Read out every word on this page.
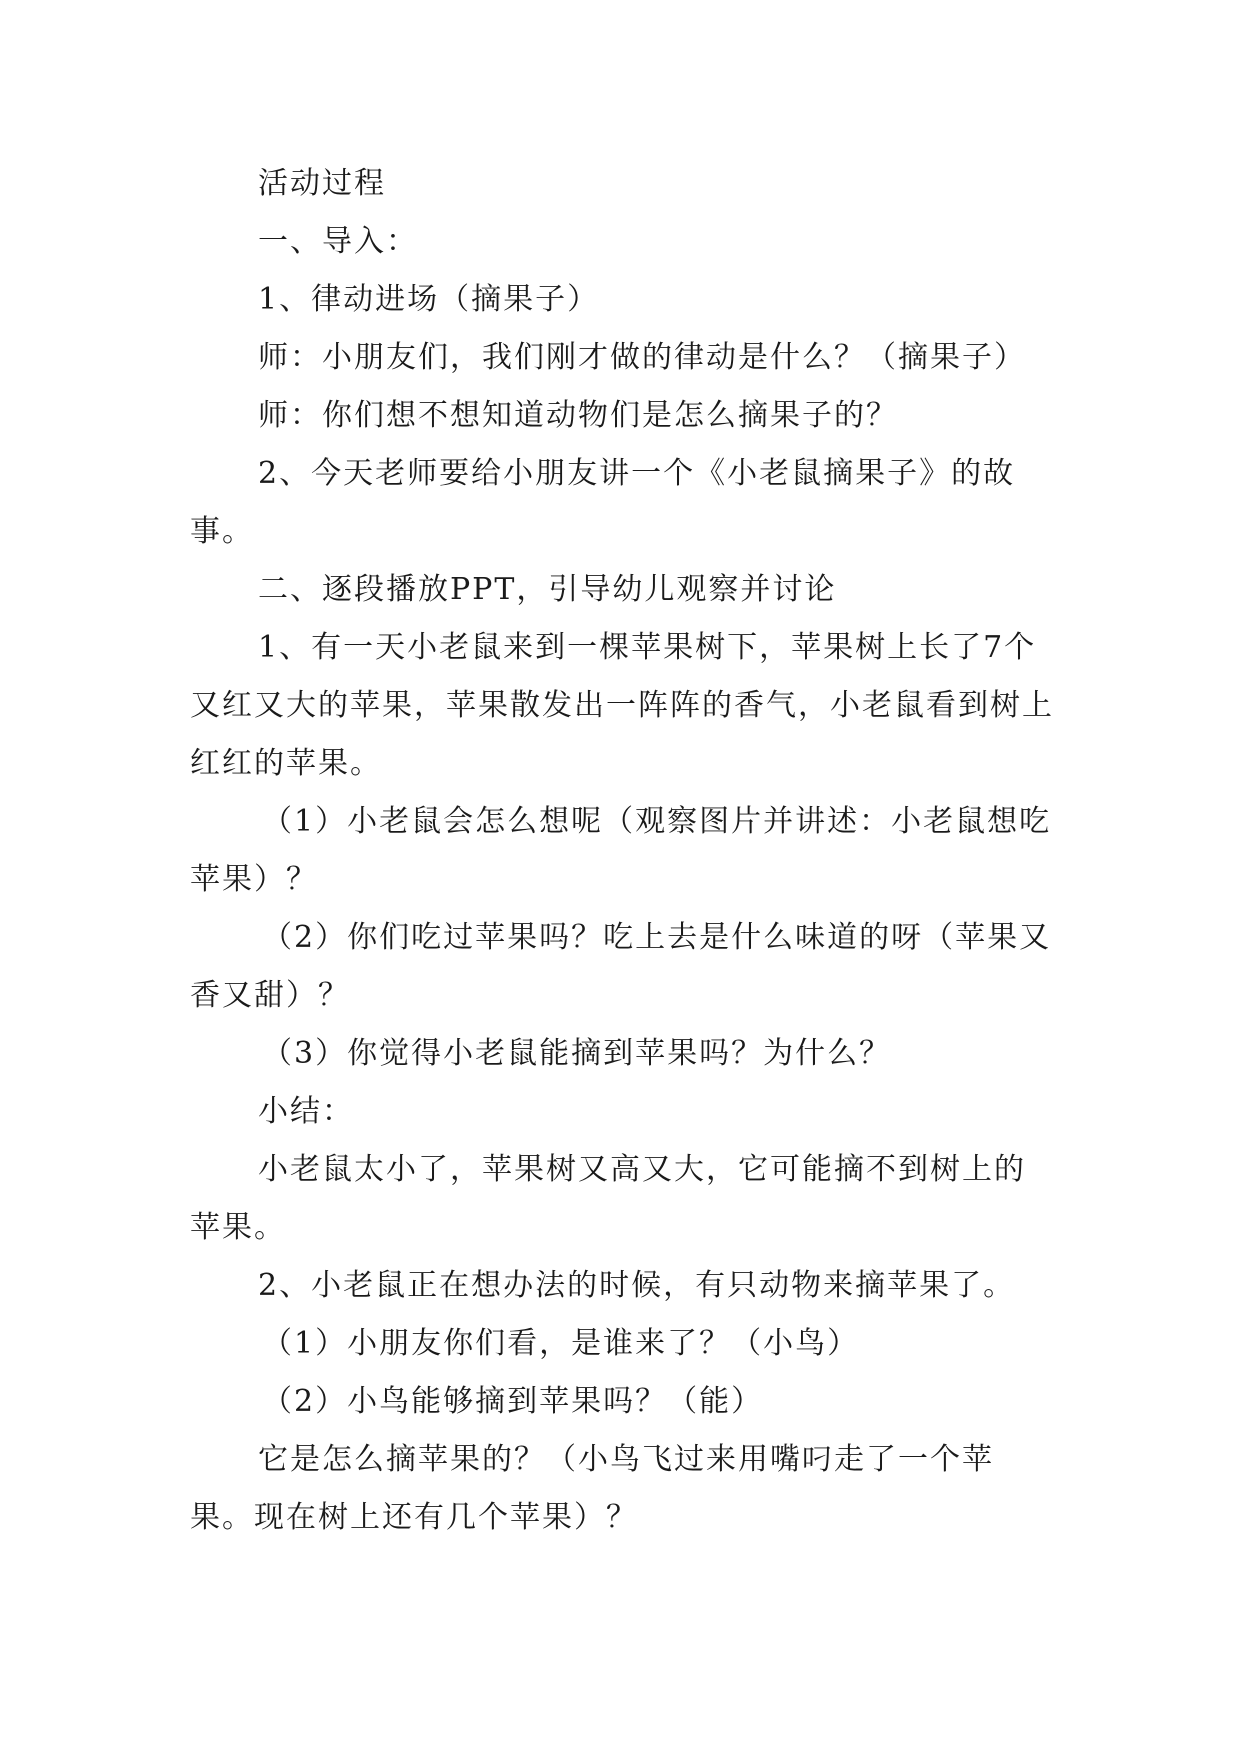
活动过程

一、导入：

1、律动进场（摘果子）

师：小朋友们，我们刚才做的律动是什么？（摘果子）

师：你们想不想知道动物们是怎么摘果子的？

2、今天老师要给小朋友讲一个《小老鼠摘果子》的故事。

二、逐段播放PPT，引导幼儿观察并讨论

1、有一天小老鼠来到一棵苹果树下，苹果树上长了7个又红又大的苹果，苹果散发出一阵阵的香气，小老鼠看到树上红红的苹果。

（1）小老鼠会怎么想呢（观察图片并讲述：小老鼠想吃苹果）？

（2）你们吃过苹果吗？吃上去是什么味道的呀（苹果又香又甜）？

（3）你觉得小老鼠能摘到苹果吗？为什么？

小结：

小老鼠太小了，苹果树又高又大，它可能摘不到树上的苹果。

2、小老鼠正在想办法的时候，有只动物来摘苹果了。

（1）小朋友你们看，是谁来了？（小鸟）

（2）小鸟能够摘到苹果吗？（能）

它是怎么摘苹果的？（小鸟飞过来用嘴叼走了一个苹果。现在树上还有几个苹果）？
